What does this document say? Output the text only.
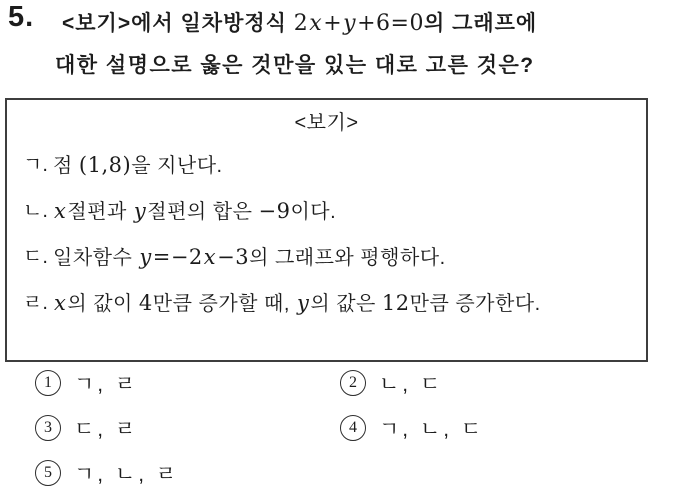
5. <보기>에서 일차방정식 2x+y+6=0의 그래프에
대한 설명으로 옳은 것만을 있는 대로 고른 것은?
<보기>
ㄱ. 점 (1,8)을 지난다.
ㄴ. x절편과 y절편의 합은 −9이다.
ㄷ. 일차함수 y=−2x−3의 그래프와 평행하다.
ㄹ. x의 값이 4만큼 증가할 때, y의 값은 12만큼 증가한다.
1	ㄱ, ㄹ	2	ㄴ, ㄷ
3	ㄷ, ㄹ	4	ㄱ, ㄴ, ㄷ
5	ㄱ, ㄴ, ㄹ
